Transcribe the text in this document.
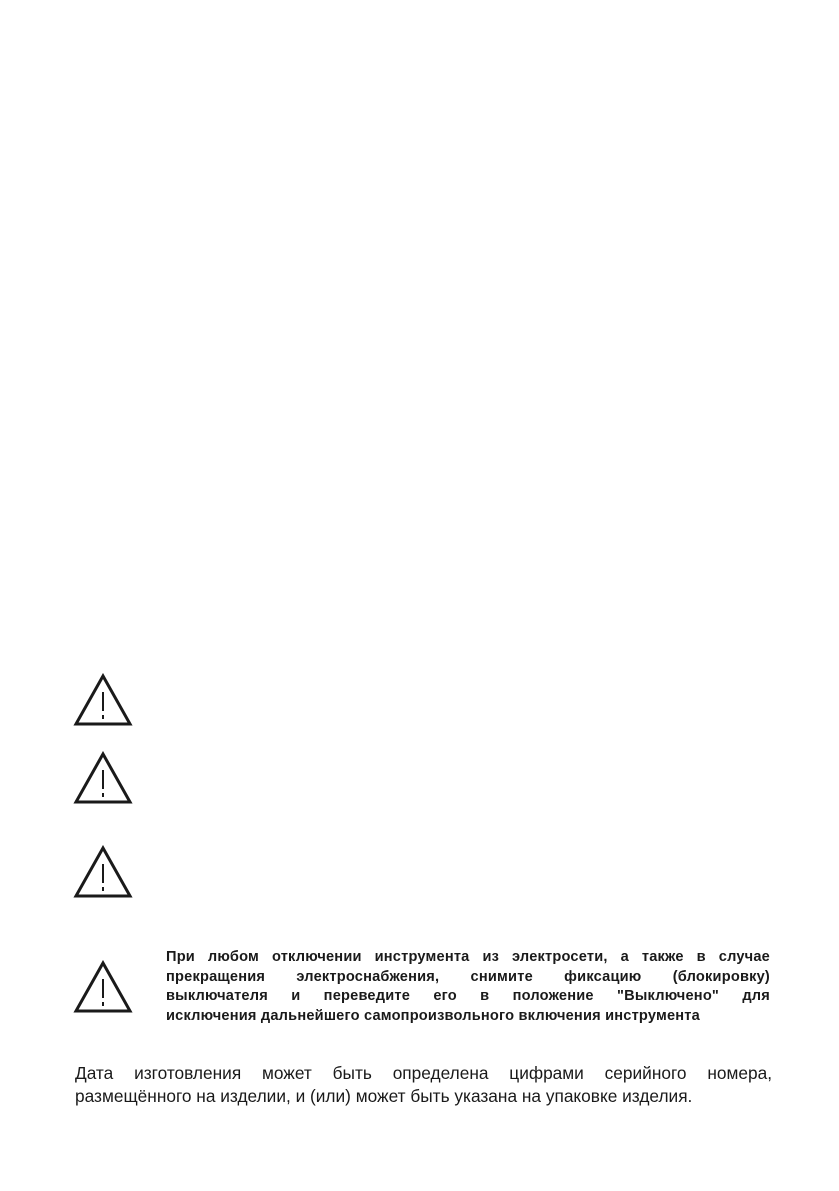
При любом отключении инструмента из электросети, а также в случае
прекращения электроснабжения, снимите фиксацию (блокировку)
выключателя и переведите его в положение "Выключено" для
исключения дальнейшего самопроизвольного включения инструмента

Дата изготовления может быть определена цифрами серийного номера,
размещённого на изделии, и (или) может быть указана на упаковке изделия.
